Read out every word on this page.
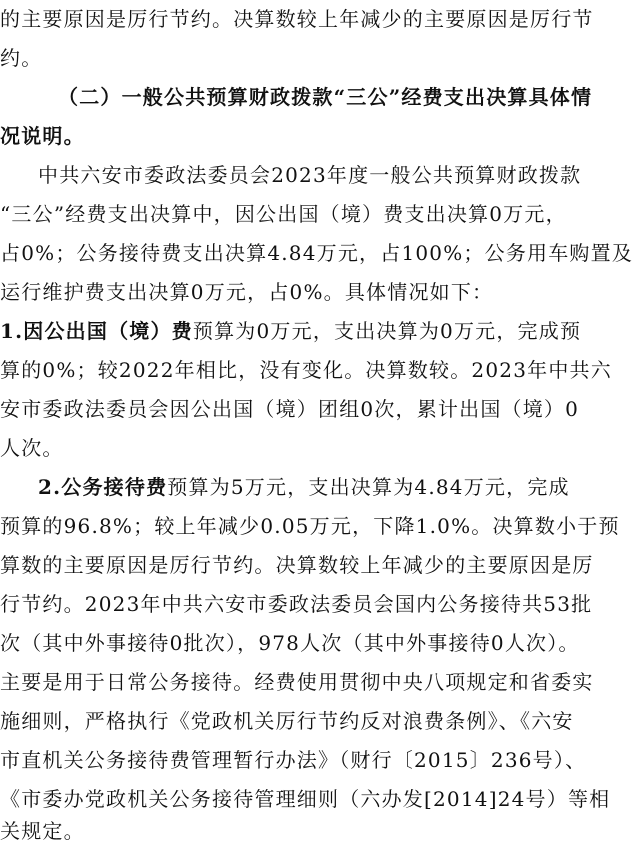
的主要原因是厉行节约。决算数较上年减少的主要原因是厉行节
约。
（二）一般公共预算财政拨款“三公”经费支出决算具体情
况说明。
中共六安市委政法委员会2023年度一般公共预算财政拨款
“三公”经费支出决算中，因公出国（境）费支出决算0万元，
占0%；公务接待费支出决算4.84万元，占100%；公务用车购置及
运行维护费支出决算0万元，占0%。具体情况如下：
1.因公出国（境）费预算为0万元，支出决算为0万元，完成预
算的0%；较2022年相比，没有变化。决算数较。2023年中共六
安市委政法委员会因公出国（境）团组0次，累计出国（境）0
人次。
2.公务接待费预算为5万元，支出决算为4.84万元，完成
预算的96.8%；较上年减少0.05万元，下降1.0%。决算数小于预
算数的主要原因是厉行节约。决算数较上年减少的主要原因是厉
行节约。2023年中共六安市委政法委员会国内公务接待共53批
次（其中外事接待0批次），978人次（其中外事接待0人次）。
主要是用于日常公务接待。经费使用贯彻中央八项规定和省委实
施细则，严格执行《党政机关厉行节约反对浪费条例》、《六安
市直机关公务接待费管理暂行办法》（财行〔2015〕236号）、
《市委办党政机关公务接待管理细则（六办发[2014]24号）等相
关规定。
